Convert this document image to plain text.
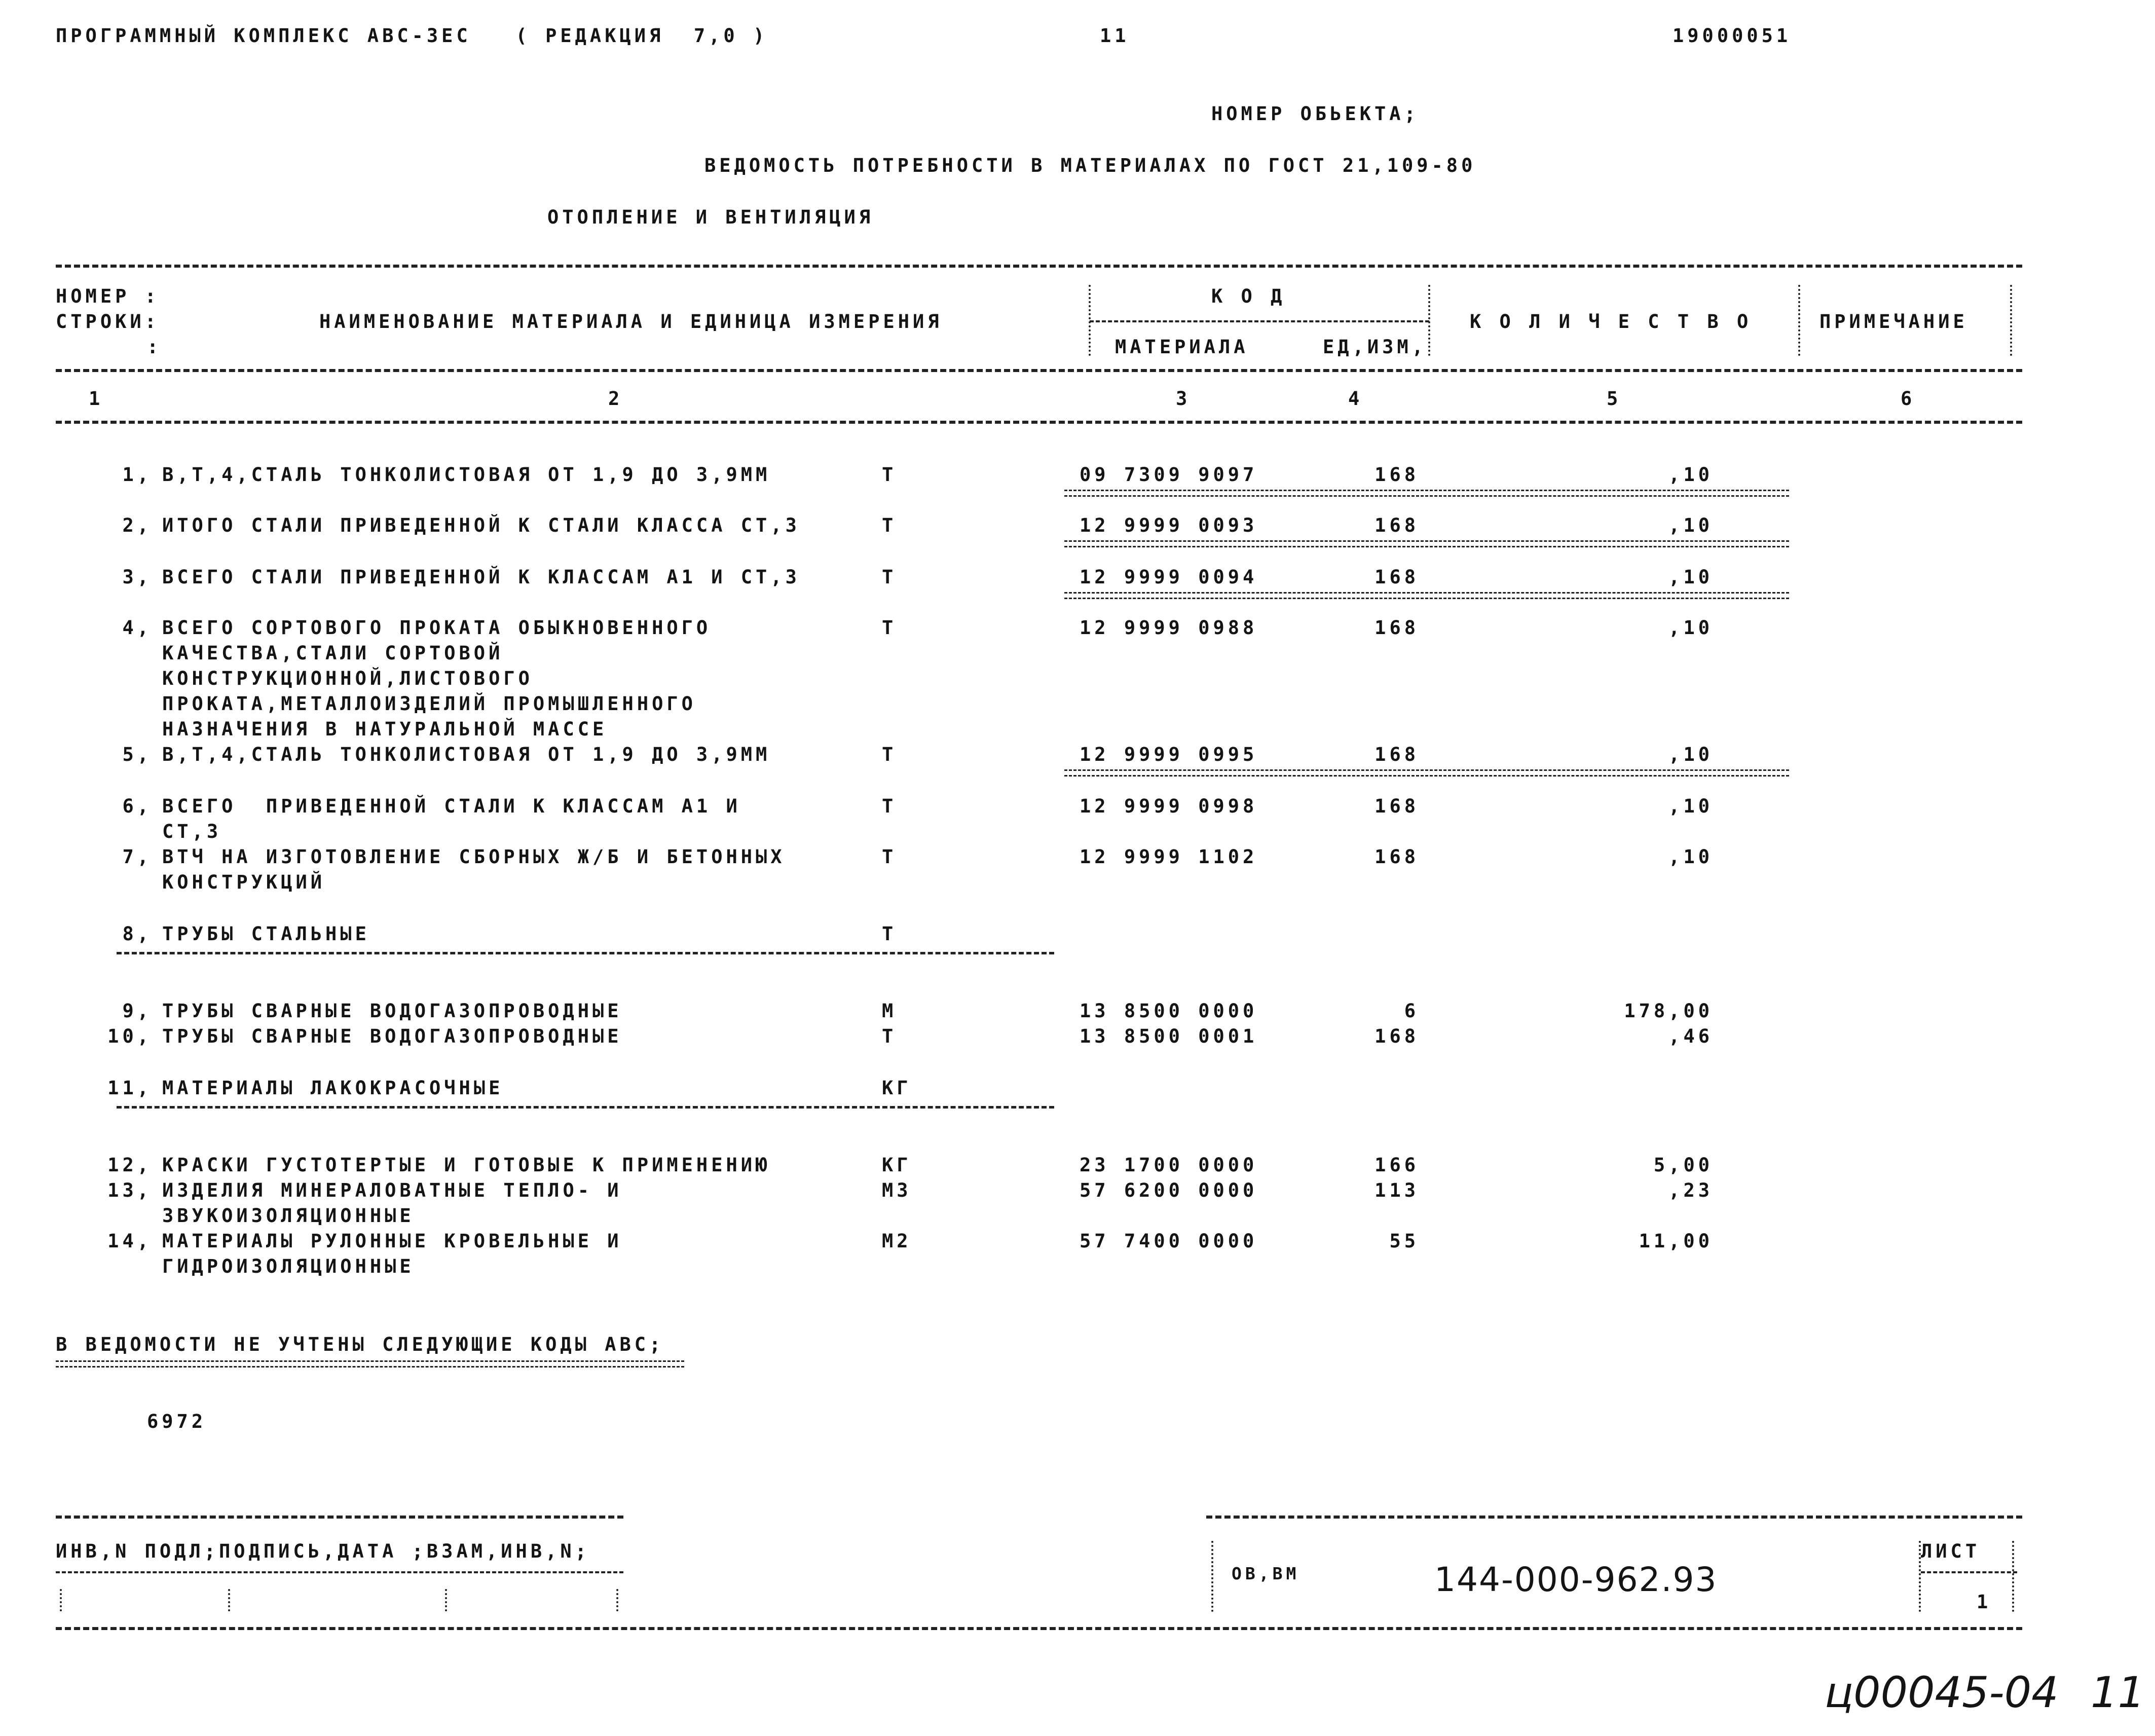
ПРОГРАММНЫЙ КОМПЛЕКС АВС-3ЕС   ( РЕДАКЦИЯ  7,0 )	11	19000051
НОМЕР ОБЬЕКТА;
ВЕДОМОСТЬ ПОТРЕБНОСТИ В МАТЕРИАЛАХ ПО ГОСТ 21,109-80
ОТОПЛЕНИЕ И ВЕНТИЛЯЦИЯ
НОМЕР :
СТРОКИ:
:
НАИМЕНОВАНИЕ МАТЕРИАЛА И ЕДИНИЦА ИЗМЕРЕНИЯ
К О Д
МАТЕРИАЛА	ЕД,ИЗМ,
К О Л И Ч Е С Т В О	ПРИМЕЧАНИЕ
1	2	3	4	5	6
1, В,Т,4,СТАЛЬ ТОНКОЛИСТОВАЯ ОТ 1,9 ДО 3,9ММ	Т	09 7309 9097	168	,10
2, ИТОГО СТАЛИ ПРИВЕДЕННОЙ К СТАЛИ КЛАССА СТ,3	Т	12 9999 0093	168	,10
3, ВСЕГО СТАЛИ ПРИВЕДЕННОЙ К КЛАССАМ А1 И СТ,3	Т	12 9999 0094	168	,10
4, ВСЕГО СОРТОВОГО ПРОКАТА ОБЫКНОВЕННОГО
КАЧЕСТВА,СТАЛИ СОРТОВОЙ
КОНСТРУКЦИОННОЙ,ЛИСТОВОГО
ПРОКАТА,МЕТАЛЛОИЗДЕЛИЙ ПРОМЫШЛЕННОГО
НАЗНАЧЕНИЯ В НАТУРАЛЬНОЙ МАССЕ
Т	12 9999 0988	168	,10
5, В,Т,4,СТАЛЬ ТОНКОЛИСТОВАЯ ОТ 1,9 ДО 3,9ММ	Т	12 9999 0995	168	,10
6, ВСЕГО  ПРИВЕДЕННОЙ СТАЛИ К КЛАССАМ А1 И
СТ,3
Т	12 9999 0998	168	,10
7, ВТЧ НА ИЗГОТОВЛЕНИЕ СБОРНЫХ Ж/Б И БЕТОННЫХ
КОНСТРУКЦИЙ
Т	12 9999 1102	168	,10
8, ТРУБЫ СТАЛЬНЫЕ	Т
9, ТРУБЫ СВАРНЫЕ ВОДОГАЗОПРОВОДНЫЕ	М	13 8500 0000	6	178,00
10, ТРУБЫ СВАРНЫЕ ВОДОГАЗОПРОВОДНЫЕ	Т	13 8500 0001	168	,46
11, МАТЕРИАЛЫ ЛАКОКРАСОЧНЫЕ	КГ
12, КРАСКИ ГУСТОТЕРТЫЕ И ГОТОВЫЕ К ПРИМЕНЕНИЮ	КГ	23 1700 0000	166	5,00
13, ИЗДЕЛИЯ МИНЕРАЛОВАТНЫЕ ТЕПЛО- И
ЗВУКОИЗОЛЯЦИОННЫЕ
М3	57 6200 0000	113	,23
14, МАТЕРИАЛЫ РУЛОННЫЕ КРОВЕЛЬНЫЕ И
ГИДРОИЗОЛЯЦИОННЫЕ
М2	57 7400 0000	55	11,00
В ВЕДОМОСТИ НЕ УЧТЕНЫ СЛЕДУЮЩИЕ КОДЫ АВС;
6972
ИНВ,N ПОДЛ;ПОДПИСЬ,ДАТА ;ВЗАМ,ИНВ,N;
ОВ,ВМ	144-000-962.93
ЛИСТ
1
ц00045-04 11
